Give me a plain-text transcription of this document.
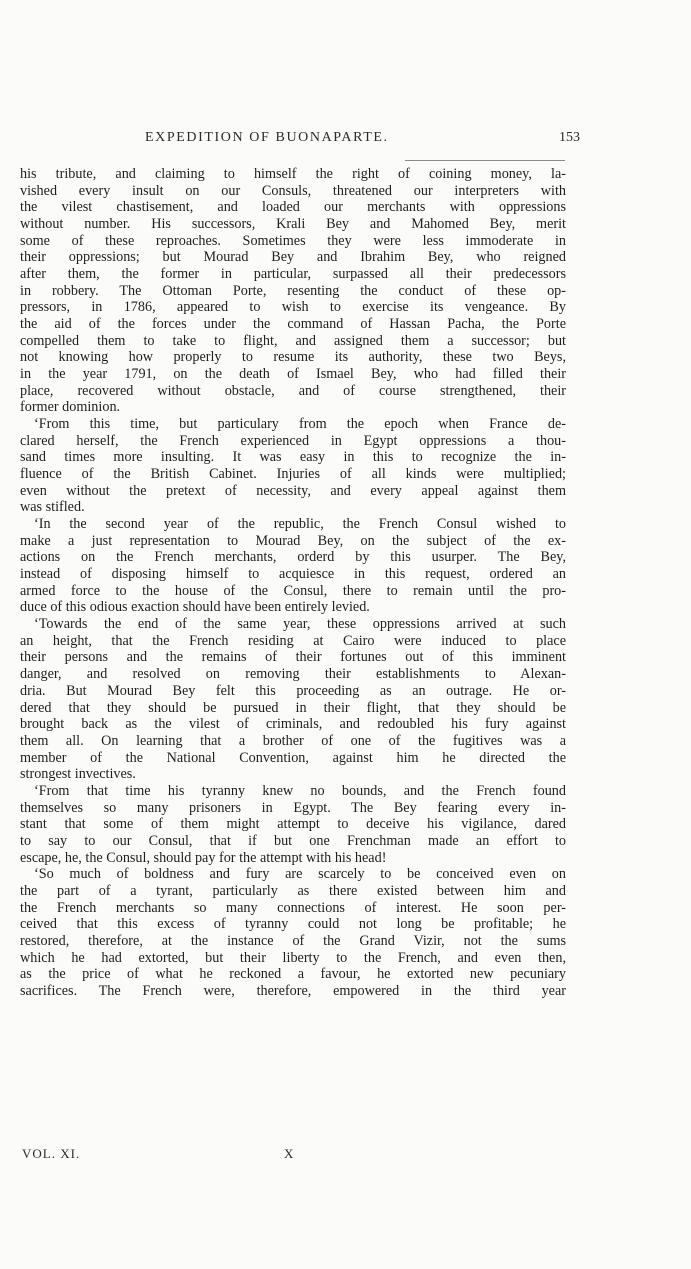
EXPEDITION OF BUONAPARTE.	153
his tribute, and claiming to himself the right of coining money, la-
vished every insult on our Consuls, threatened our interpreters with
the vilest chastisement, and loaded our merchants with oppressions
without number. His successors, Krali Bey and Mahomed Bey, merit
some of these reproaches. Sometimes they were less immoderate in
their oppressions; but Mourad Bey and Ibrahim Bey, who reigned
after them, the former in particular, surpassed all their predecessors
in robbery. The Ottoman Porte, resenting the conduct of these op-
pressors, in 1786, appeared to wish to exercise its vengeance. By
the aid of the forces under the command of Hassan Pacha, the Porte
compelled them to take to flight, and assigned them a successor; but
not knowing how properly to resume its authority, these two Beys,
in the year 1791, on the death of Ismael Bey, who had filled their
place, recovered without obstacle, and of course strengthened, their
former dominion.
‘From this time, but particulary from the epoch when France de-
clared herself, the French experienced in Egypt oppressions a thou-
sand times more insulting. It was easy in this to recognize the in-
fluence of the British Cabinet. Injuries of all kinds were multiplied;
even without the pretext of necessity, and every appeal against them
was stifled.
‘In the second year of the republic, the French Consul wished to
make a just representation to Mourad Bey, on the subject of the ex-
actions on the French merchants, orderd by this usurper. The Bey,
instead of disposing himself to acquiesce in this request, ordered an
armed force to the house of the Consul, there to remain until the pro-
duce of this odious exaction should have been entirely levied.
‘Towards the end of the same year, these oppressions arrived at such
an height, that the French residing at Cairo were induced to place
their persons and the remains of their fortunes out of this imminent
danger, and resolved on removing their establishments to Alexan-
dria. But Mourad Bey felt this proceeding as an outrage. He or-
dered that they should be pursued in their flight, that they should be
brought back as the vilest of criminals, and redoubled his fury against
them all. On learning that a brother of one of the fugitives was a
member of the National Convention, against him he directed the
strongest invectives.
‘From that time his tyranny knew no bounds, and the French found
themselves so many prisoners in Egypt. The Bey fearing every in-
stant that some of them might attempt to deceive his vigilance, dared
to say to our Consul, that if but one Frenchman made an effort to
escape, he, the Consul, should pay for the attempt with his head!
‘So much of boldness and fury are scarcely to be conceived even on
the part of a tyrant, particularly as there existed between him and
the French merchants so many connections of interest. He soon per-
ceived that this excess of tyranny could not long be profitable; he
restored, therefore, at the instance of the Grand Vizir, not the sums
which he had extorted, but their liberty to the French, and even then,
as the price of what he reckoned a favour, he extorted new pecuniary
sacrifices. The French were, therefore, empowered in the third year
VOL. XI.	X
